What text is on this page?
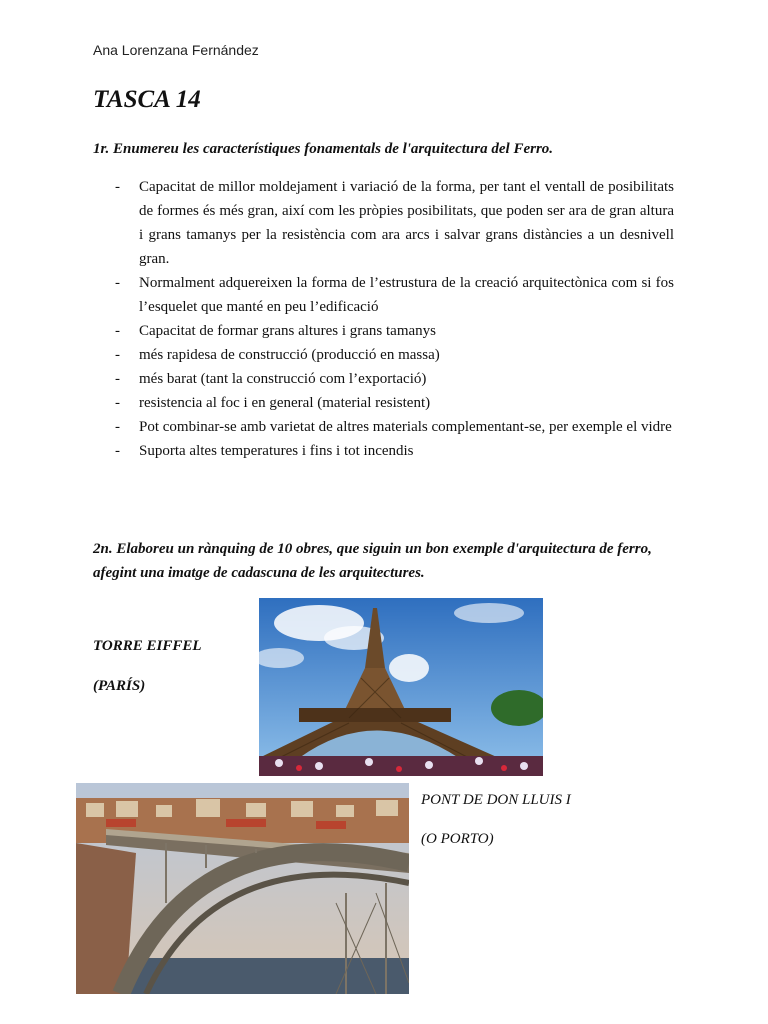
Ana Lorenzana Fernández
TASCA 14

1r. Enumereu les característiques fonamentals de l'arquitectura del Ferro.

- Capacitat de millor moldejament i variació de la forma, per tant el ventall de posibilitats de formes és més gran, així com les pròpies posibilitats, que poden ser ara de gran altura i grans tamanys per la resistència com ara arcs i salvar grans distàncies a un desnivell gran.
- Normalment adquereixen la forma de l’estrustura de la creació arquitectònica com si fos l’esquelet que manté en peu l’edificació
- Capacitat de formar grans altures i grans tamanys
- més rapidesa de construcció (producció en massa)
- més barat (tant la construcció com l’exportació)
- resistencia al foc i en general (material resistent)
- Pot combinar-se amb varietat de altres materials complementant-se, per exemple el vidre
- Suporta altes temperatures i fins i tot incendis

2n. Elaboreu un rànquing de 10 obres, que siguin un bon exemple d'arquitectura de ferro, afegint una imatge de cadascuna de les arquitectures.

TORRE EIFFEL

(PARÍS)

PONT DE DON LLUIS I

(O PORTO)
